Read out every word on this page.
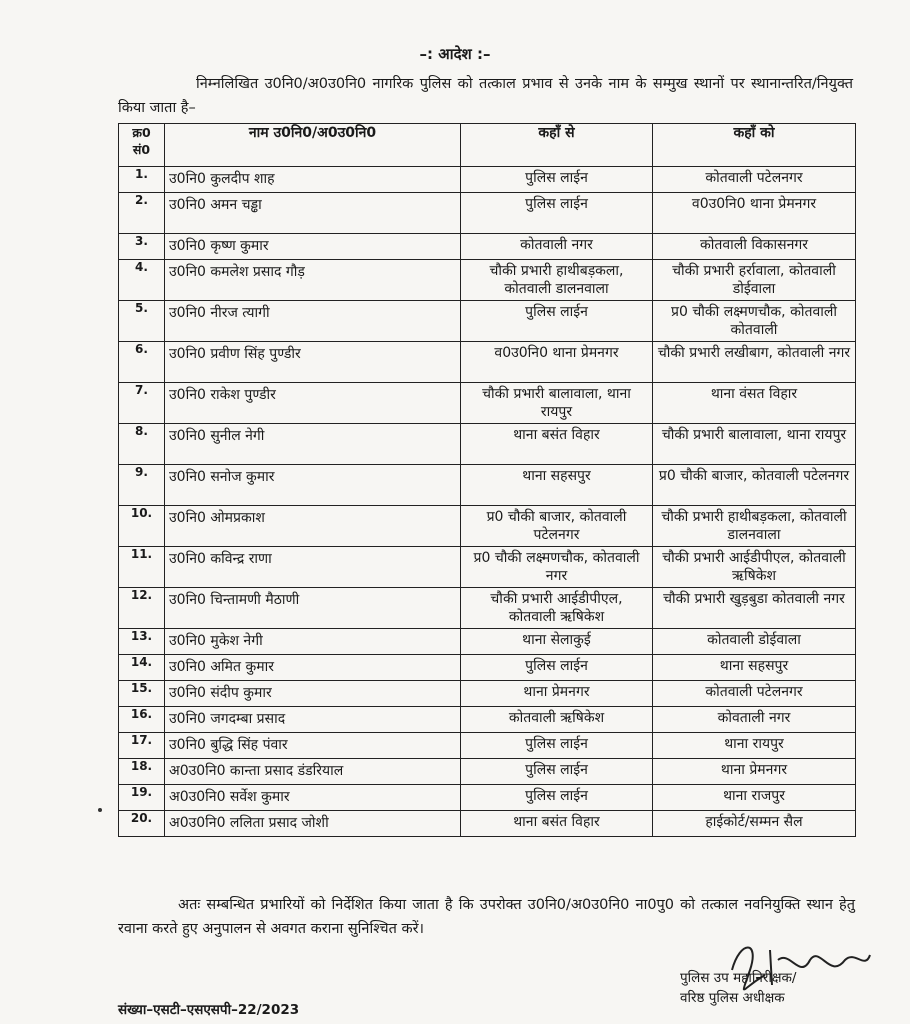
–: आदेश :–
निम्नलिखित उ0नि0/अ0उ0नि0 नागरिक पुलिस को तत्काल प्रभाव से उनके नाम के सम्मुख स्थानों पर स्थानान्तरित/नियुक्त किया जाता है–
क्र0 सं0	नाम उ0नि0/अ0उ0नि0	कहाँ से	कहाँ को
1.	उ0नि0 कुलदीप शाह	पुलिस लाईन	कोतवाली पटेलनगर

2.	उ0नि0 अमन चड्ढा	पुलिस लाईन	व0उ0नि0 थाना प्रेमनगर

3.	उ0नि0 कृष्ण कुमार	कोतवाली नगर	कोतवाली विकासनगर

4.	उ0नि0 कमलेश प्रसाद गौड़	चौकी प्रभारी हाथीबड़कला, कोतवाली डालनवाला	चौकी प्रभारी हर्रावाला, कोतवाली डोईवाला

5.	उ0नि0 नीरज त्यागी	पुलिस लाईन	प्र0 चौकी लक्ष्मणचौक, कोतवाली कोतवाली

6.	उ0नि0 प्रवीण सिंह पुण्डीर	व0उ0नि0 थाना प्रेमनगर	चौकी प्रभारी लखीबाग, कोतवाली नगर

7.	उ0नि0 राकेश पुण्डीर	चौकी प्रभारी बालावाला, थाना रायपुर	थाना वंसत विहार

8.	उ0नि0 सुनील नेगी	थाना बसंत विहार	चौकी प्रभारी बालावाला, थाना रायपुर

9.	उ0नि0 सनोज कुमार	थाना सहसपुर	प्र0 चौकी बाजार, कोतवाली पटेलनगर

10.	उ0नि0 ओमप्रकाश	प्र0 चौकी बाजार, कोतवाली पटेलनगर	चौकी प्रभारी हाथीबड़कला, कोतवाली डालनवाला

11.	उ0नि0 कविन्द्र राणा	प्र0 चौकी लक्ष्मणचौक, कोतवाली नगर	चौकी प्रभारी आईडीपीएल, कोतवाली ऋषिकेश

12.	उ0नि0 चिन्तामणी मैठाणी	चौकी प्रभारी आईडीपीएल, कोतवाली ऋषिकेश	चौकी प्रभारी खुड़बुडा कोतवाली नगर

13.	उ0नि0 मुकेश नेगी	थाना सेलाकुई	कोतवाली डोईवाला

14.	उ0नि0 अमित कुमार	पुलिस लाईन	थाना सहसपुर

15.	उ0नि0 संदीप कुमार	थाना प्रेमनगर	कोतवाली पटेलनगर

16.	उ0नि0 जगदम्बा प्रसाद	कोतवाली ऋषिकेश	कोवताली नगर

17.	उ0नि0 बुद्धि सिंह पंवार	पुलिस लाईन	थाना रायपुर

18.	अ0उ0नि0 कान्ता प्रसाद डंडरियाल	पुलिस लाईन	थाना प्रेमनगर

19.	अ0उ0नि0 सर्वेश कुमार	पुलिस लाईन	थाना राजपुर

20.	अ0उ0नि0 ललिता प्रसाद जोशी	थाना बसंत विहार	हाईकोर्ट/सम्मन सैल
अतः सम्बन्धित प्रभारियों को निर्देशित किया जाता है कि उपरोक्त उ0नि0/अ0उ0नि0 ना0पु0 को तत्काल नवनियुक्ति स्थान हेतु रवाना करते हुए अनुपालन से अवगत कराना सुनिश्चित करें।
पुलिस उप महानिरीक्षक/
वरिष्ठ पुलिस अधीक्षक
संख्या–एसटी–एसएसपी–22/2023
